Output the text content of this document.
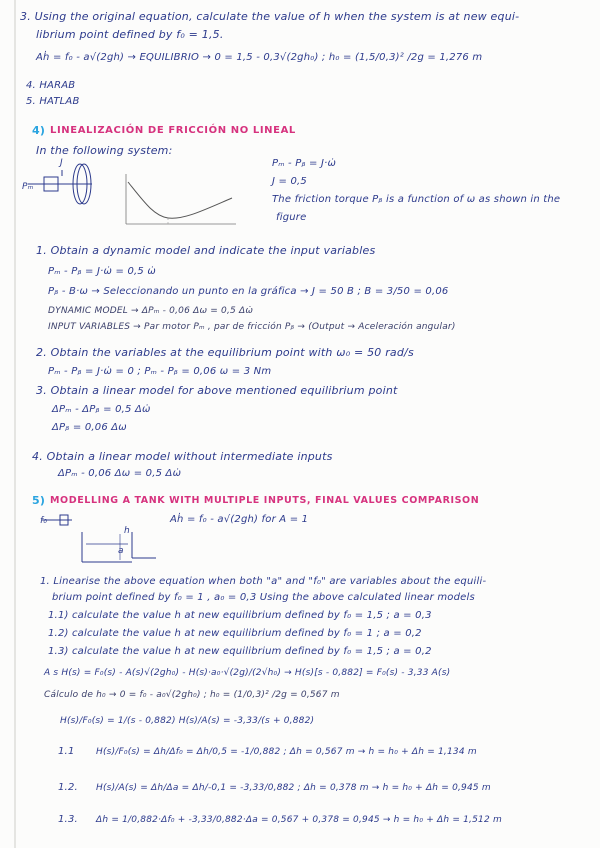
3. Using the original equation, calculate the value of h when the system is at new equi-
librium point defined by f₀ = 1,5.
Aḣ = f₀ - a√(2gh) → EQUILIBRIO → 0 = 1,5 - 0,3√(2gh₀) ; h₀ = (1,5/0,3)² /2g = 1,276 m
4. HARAB
5. HATLAB
4) LINEALIZACIÓN DE FRICCIÓN NO LINEAL
In the following system:
Pₘ
J	Pₘ - Pᵦ = J·ω̇
J = 0,5
The friction torque Pᵦ is a function of ω as shown in the
figure
1. Obtain a dynamic model and indicate the input variables
Pₘ - Pᵦ = J·ω̇ = 0,5 ω̇
Pᵦ - B·ω → Seleccionando un punto en la gráfica → J = 50 B ; B = 3/50 = 0,06
DYNAMIC MODEL → ΔPₘ - 0,06 Δω = 0,5 Δω̇
INPUT VARIABLES → Par motor Pₘ , par de fricción Pᵦ → (Output → Aceleración angular)
2. Obtain the variables at the equilibrium point with ω₀ = 50 rad/s
Pₘ - Pᵦ = J·ω̇ = 0 ; Pₘ - Pᵦ = 0,06 ω = 3 Nm
3. Obtain a linear model for above mentioned equilibrium point
ΔPₘ - ΔPᵦ = 0,5 Δω̇
ΔPᵦ = 0,06 Δω
4. Obtain a linear model without intermediate inputs
ΔPₘ - 0,06 Δω = 0,5 Δω̇
5) MODELLING A TANK WITH MULTIPLE INPUTS, FINAL VALUES COMPARISON
Aḣ = f₀ - a√(2gh) for A = 1
f₀
h
a
1. Linearise the above equation when both "a" and "f₀" are variables about the equili-
brium point defined by f₀ = 1 , a₀ = 0,3 Using the above calculated linear models
1.1) calculate the value h at new equilibrium defined by f₀ = 1,5 ; a = 0,3
1.2) calculate the value h at new equilibrium defined by f₀ = 1 ; a = 0,2
1.3) calculate the value h at new equilibrium defined by f₀ = 1,5 ; a = 0,2
A s H(s) = F₀(s) - A(s)√(2gh₀) - H(s)·a₀·√(2g)/(2√h₀) → H(s)[s - 0,882] = F₀(s) - 3,33 A(s)
Cálculo de h₀ → 0 = f₀ - a₀√(2gh₀) ; h₀ = (1/0,3)² /2g = 0,567 m
H(s)/F₀(s) = 1/(s - 0,882) H(s)/A(s) = -3,33/(s + 0,882)
1.1 H(s)/F₀(s) = Δh/Δf₀ = Δh/0,5 = -1/0,882 ; Δh = 0,567 m → h = h₀ + Δh = 1,134 m
1.2. H(s)/A(s) = Δh/Δa = Δh/-0,1 = -3,33/0,882 ; Δh = 0,378 m → h = h₀ + Δh = 0,945 m
1.3. Δh = 1/0,882·Δf₀ + -3,33/0,882·Δa = 0,567 + 0,378 = 0,945 → h = h₀ + Δh = 1,512 m
